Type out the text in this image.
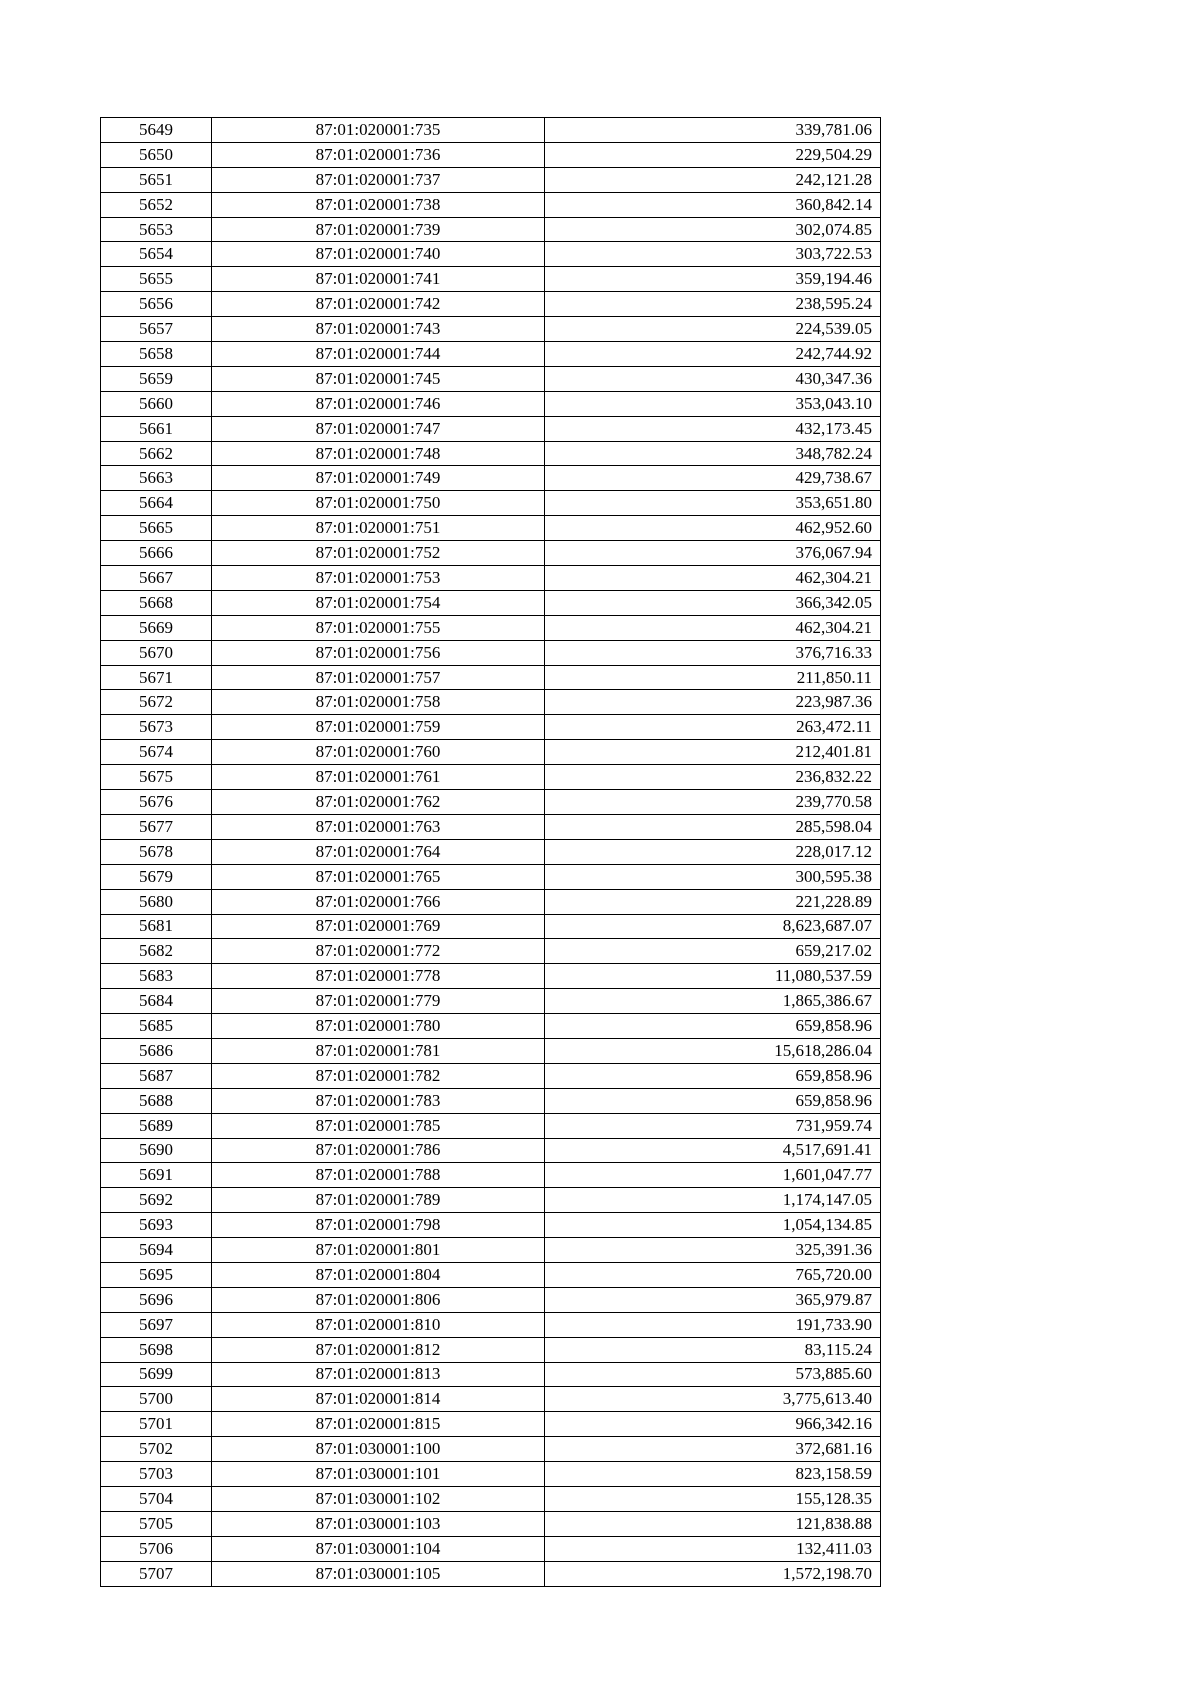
5649	87:01:020001:735	339,781.06
5650	87:01:020001:736	229,504.29
5651	87:01:020001:737	242,121.28
5652	87:01:020001:738	360,842.14
5653	87:01:020001:739	302,074.85
5654	87:01:020001:740	303,722.53
5655	87:01:020001:741	359,194.46
5656	87:01:020001:742	238,595.24
5657	87:01:020001:743	224,539.05
5658	87:01:020001:744	242,744.92
5659	87:01:020001:745	430,347.36
5660	87:01:020001:746	353,043.10
5661	87:01:020001:747	432,173.45
5662	87:01:020001:748	348,782.24
5663	87:01:020001:749	429,738.67
5664	87:01:020001:750	353,651.80
5665	87:01:020001:751	462,952.60
5666	87:01:020001:752	376,067.94
5667	87:01:020001:753	462,304.21
5668	87:01:020001:754	366,342.05
5669	87:01:020001:755	462,304.21
5670	87:01:020001:756	376,716.33
5671	87:01:020001:757	211,850.11
5672	87:01:020001:758	223,987.36
5673	87:01:020001:759	263,472.11
5674	87:01:020001:760	212,401.81
5675	87:01:020001:761	236,832.22
5676	87:01:020001:762	239,770.58
5677	87:01:020001:763	285,598.04
5678	87:01:020001:764	228,017.12
5679	87:01:020001:765	300,595.38
5680	87:01:020001:766	221,228.89
5681	87:01:020001:769	8,623,687.07
5682	87:01:020001:772	659,217.02
5683	87:01:020001:778	11,080,537.59
5684	87:01:020001:779	1,865,386.67
5685	87:01:020001:780	659,858.96
5686	87:01:020001:781	15,618,286.04
5687	87:01:020001:782	659,858.96
5688	87:01:020001:783	659,858.96
5689	87:01:020001:785	731,959.74
5690	87:01:020001:786	4,517,691.41
5691	87:01:020001:788	1,601,047.77
5692	87:01:020001:789	1,174,147.05
5693	87:01:020001:798	1,054,134.85
5694	87:01:020001:801	325,391.36
5695	87:01:020001:804	765,720.00
5696	87:01:020001:806	365,979.87
5697	87:01:020001:810	191,733.90
5698	87:01:020001:812	83,115.24
5699	87:01:020001:813	573,885.60
5700	87:01:020001:814	3,775,613.40
5701	87:01:020001:815	966,342.16
5702	87:01:030001:100	372,681.16
5703	87:01:030001:101	823,158.59
5704	87:01:030001:102	155,128.35
5705	87:01:030001:103	121,838.88
5706	87:01:030001:104	132,411.03
5707	87:01:030001:105	1,572,198.70
